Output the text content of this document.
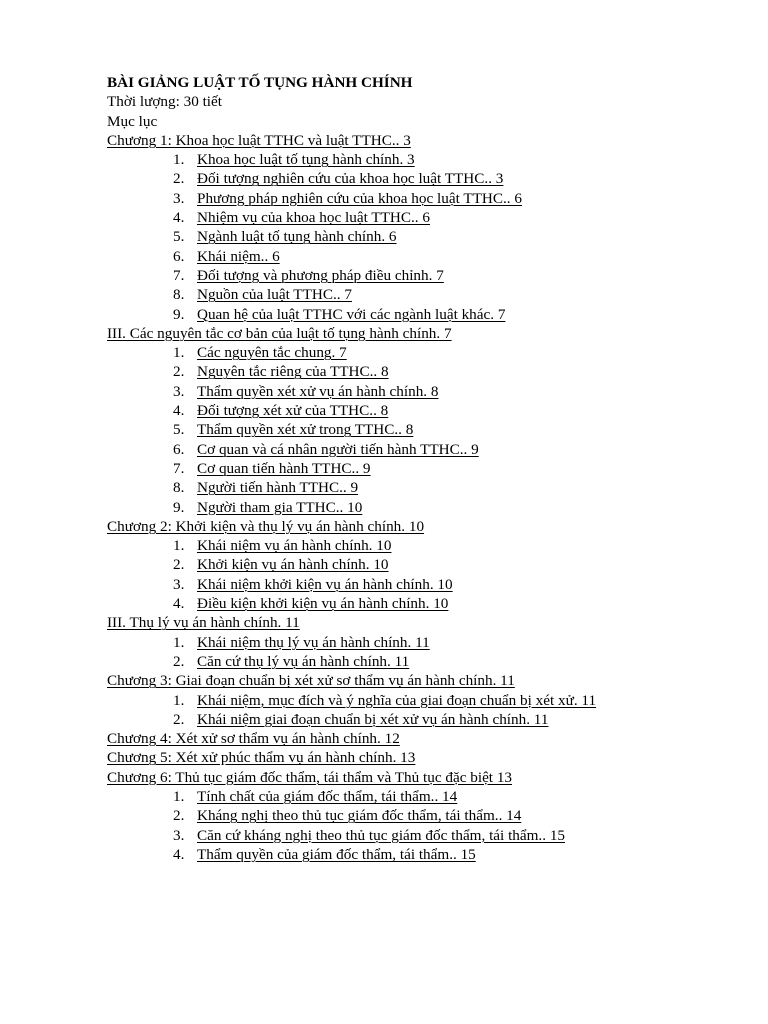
BÀI GIẢNG LUẬT TỐ TỤNG HÀNH CHÍNH
Thời lượng: 30 tiết
Mục lục
Chương 1: Khoa học luật TTHC và luật TTHC.. 3
1. Khoa học luật tố tụng hành chính. 3
2. Đối tượng nghiên cứu của khoa học luật TTHC.. 3
3. Phương pháp nghiên cứu của khoa học luật TTHC.. 6
4. Nhiệm vụ của khoa học luật TTHC.. 6
5. Ngành luật tố tụng hành chính. 6
6. Khái niệm.. 6
7. Đối tượng và phương pháp điều chỉnh. 7
8. Nguồn của luật TTHC.. 7
9. Quan hệ của luật TTHC với các ngành luật khác. 7
III. Các nguyên tắc cơ bản của luật tố tụng hành chính. 7
1. Các nguyên tắc chung. 7
2. Nguyên tắc riêng của TTHC.. 8
3. Thẩm quyền xét xử vụ án hành chính. 8
4. Đối tượng xét xử của TTHC.. 8
5. Thẩm quyền xét xử trong TTHC.. 8
6. Cơ quan và cá nhân người tiến hành TTHC.. 9
7. Cơ quan tiến hành TTHC.. 9
8. Người tiến hành TTHC.. 9
9. Người tham gia TTHC.. 10
Chương 2: Khởi kiện và thụ lý vụ án hành chính. 10
1. Khái niệm vụ án hành chính. 10
2. Khởi kiện vụ án hành chính. 10
3. Khái niệm khởi kiện vụ án hành chính. 10
4. Điều kiện khởi kiện vụ án hành chính. 10
III. Thụ lý vụ án hành chính. 11
1. Khái niệm thụ lý vụ án hành chính. 11
2. Căn cứ thụ lý vụ án hành chính. 11
Chương 3: Giai đoạn chuẩn bị xét xử sơ thẩm vụ án hành chính. 11
1. Khái niệm, mục đích và ý nghĩa của giai đoạn chuẩn bị xét xử. 11
2. Khái niệm giai đoạn chuẩn bị xét xử vụ án hành chính. 11
Chương 4: Xét xử sơ thẩm vụ án hành chính. 12
Chương 5: Xét xử phúc thẩm vụ án hành chính. 13
Chương 6: Thủ tục giám đốc thẩm, tái thẩm và Thủ tục đặc biệt 13
1. Tính chất của giám đốc thẩm, tái thẩm.. 14
2. Kháng nghị theo thủ tục giám đốc thẩm, tái thẩm.. 14
3. Căn cứ kháng nghị theo thủ tục giám đốc thẩm, tái thẩm.. 15
4. Thẩm quyền của giám đốc thẩm, tái thẩm.. 15
